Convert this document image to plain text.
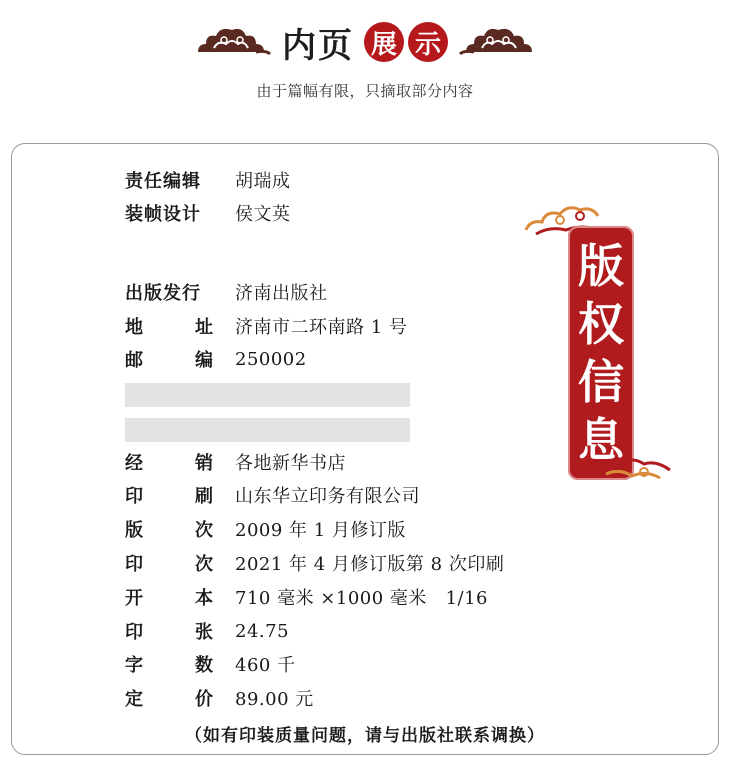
内页 展 示
由于篇幅有限，只摘取部分内容
责任编辑 胡瑞成
装帧设计 侯文英
出版发行 济南出版社
地	址 济南市二环南路 1 号
邮	编 250002
经	销 各地新华书店
印	刷 山东华立印务有限公司
版	次 2009 年 1 月修订版
印	次 2021 年 4 月修订版第 8 次印刷
开	本 710 毫米 ×1000 毫米   1/16
印	张 24.75
字	数 460 千
定	价 89.00 元
（如有印装质量问题，请与出版社联系调换）
版
权
信
息
